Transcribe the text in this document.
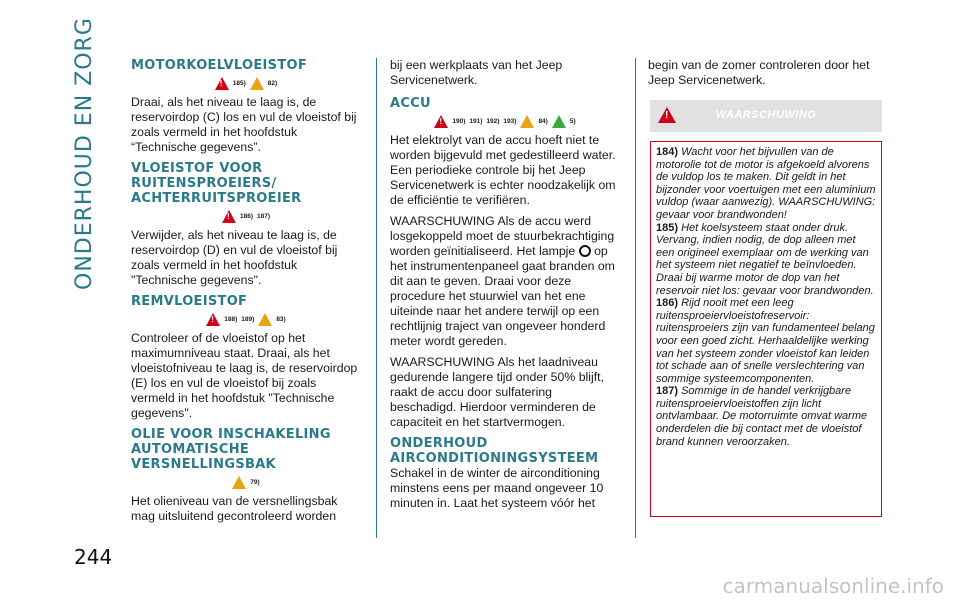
ONDERHOUD EN ZORG
244
MOTORKOELVLOEISTOF
!
185)	82)

Draai, als het niveau te laag is, de reservoirdop (C) los en vul de vloeistof bij zoals vermeld in het hoofdstuk “Technische gegevens”.

VLOEISTOF VOOR RUITENSPROEIERS/ ACHTERRUITSPROEIER
!
186) 187)

Verwijder, als het niveau te laag is, de reservoirdop (D) en vul de vloeistof bij zoals vermeld in het hoofdstuk "Technische gegevens".

REMVLOEISTOF
!
188) 189)	83)

Controleer of de vloeistof op het maximumniveau staat. Draai, als het vloeistofniveau te laag is, de reservoirdop (E) los en vul de vloeistof bij zoals vermeld in het hoofdstuk "Technische gegevens".

OLIE VOOR INSCHAKELING AUTOMATISCHE VERSNELLINGSBAK
79)

Het olieniveau van de versnellingsbak mag uitsluitend gecontroleerd worden

bij een werkplaats van het Jeep Servicenetwerk.

ACCU
!
190) 191) 192) 193)	84)	5)

Het elektrolyt van de accu hoeft niet te worden bijgevuld met gedestilleerd water. Een periodieke controle bij het Jeep Servicenetwerk is echter noodzakelijk om de efficiëntie te verifiëren.

WAARSCHUWING Als de accu werd losgekoppeld moet de stuurbekrachtiging worden geïnitialiseerd. Het lampje op het instrumentenpaneel gaat branden om dit aan te geven. Draai voor deze procedure het stuurwiel van het ene uiteinde naar het andere terwijl op een rechtlijnig traject van ongeveer honderd meter wordt gereden.

WAARSCHUWING Als het laadniveau gedurende langere tijd onder 50% blijft, raakt de accu door sulfatering beschadigd. Hierdoor verminderen de capaciteit en het startvermogen.

ONDERHOUD AIRCONDITIONINGSYSTEEM

Schakel in de winter de airconditioning minstens eens per maand ongeveer 10 minuten in. Laat het systeem vóór het

begin van de zomer controleren door het Jeep Servicenetwerk.

!
WAARSCHUWING

184) Wacht voor het bijvullen van de motorolie tot de motor is afgekoeld alvorens de vuldop los te maken. Dit geldt in het bijzonder voor voertuigen met een aluminium vuldop (waar aanwezig). WAARSCHUWING: gevaar voor brandwonden!

185) Het koelsysteem staat onder druk. Vervang, indien nodig, de dop alleen met een origineel exemplaar om de werking van het systeem niet negatief te beïnvloeden. Draai bij warme motor de dop van het reservoir niet los: gevaar voor brandwonden.

186) Rijd nooit met een leeg ruitensproeiervloeistofreservoir: ruitensproeiers zijn van fundamenteel belang voor een goed zicht. Herhaaldelijke werking van het systeem zonder vloeistof kan leiden tot schade aan of snelle verslechtering van sommige systeemcomponenten.

187) Sommige in de handel verkrijgbare ruitensproeiervloeistoffen zijn licht ontvlambaar. De motorruimte omvat warme onderdelen die bij contact met de vloeistof brand kunnen veroorzaken.

carmanualsonline.info
